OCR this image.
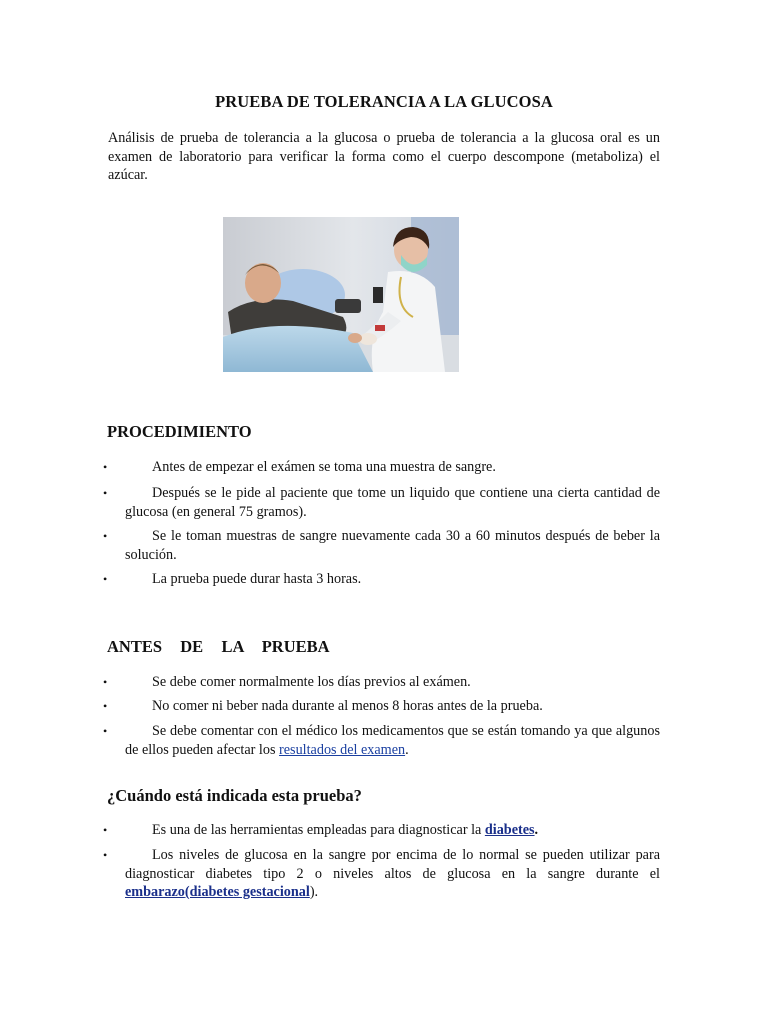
PRUEBA DE TOLERANCIA A LA GLUCOSA
Análisis de prueba de tolerancia a la glucosa o prueba de tolerancia a la glucosa oral es un examen de laboratorio para verificar la forma como el cuerpo descompone (metaboliza) el azúcar.
PROCEDIMIENTO
•	Antes de empezar el exámen se toma una muestra de sangre.
•	Después se le pide al paciente que tome un liquido que contiene una cierta cantidad de glucosa (en general 75 gramos).
•	Se le toman muestras de sangre nuevamente cada 30 a 60 minutos después de beber la solución.
•	La prueba puede durar hasta 3 horas.
ANTES  DE  LA  PRUEBA
•	Se debe comer normalmente los días previos al exámen.
•	No comer ni beber nada durante al menos 8 horas antes de la prueba.
•	Se debe comentar con el médico los medicamentos que se están tomando ya que algunos de ellos pueden afectar los resultados del examen.
¿Cuándo está indicada esta prueba?
•	Es una de las herramientas empleadas para diagnosticar la diabetes.
•	Los niveles de glucosa en la sangre por encima de lo normal se pueden utilizar para diagnosticar diabetes tipo 2 o niveles altos de glucosa en la sangre durante el embarazo(diabetes gestacional).
